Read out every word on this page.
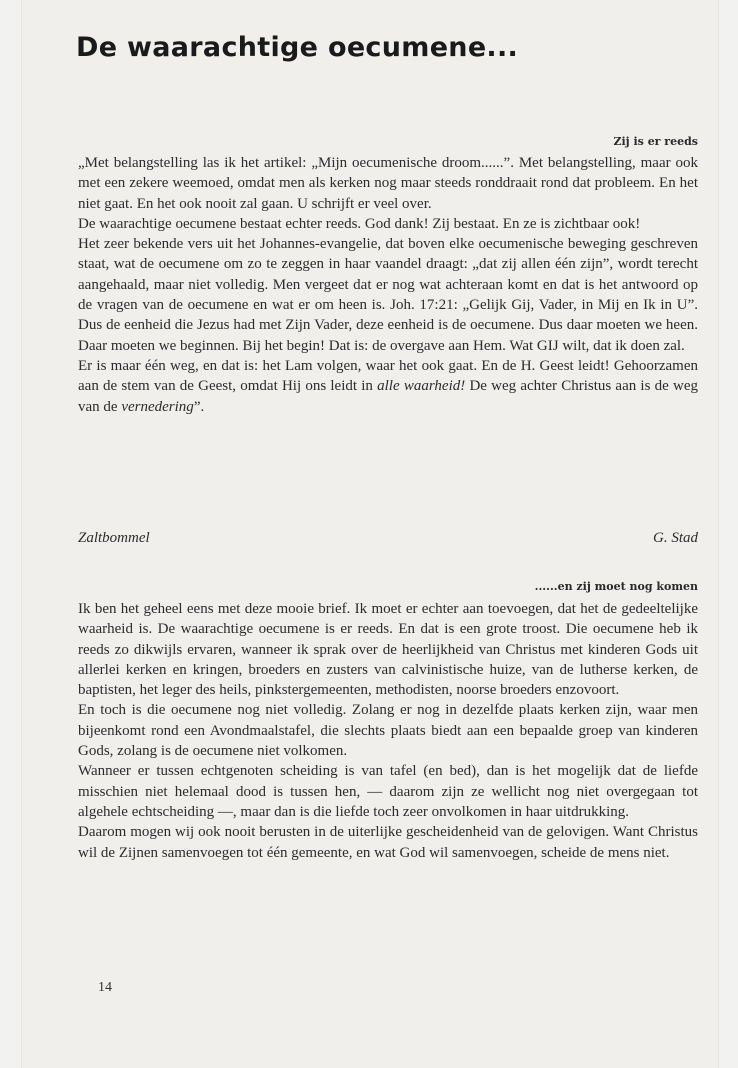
De waarachtige oecumene...
Zij is er reeds

„Met belangstelling las ik het artikel: „Mijn oecumenische droom......”. Met belangstelling, maar ook met een zekere weemoed, omdat men als kerken nog maar steeds ronddraait rond dat probleem. En het niet gaat. En het ook nooit zal gaan. U schrijft er veel over.

De waarachtige oecumene bestaat echter reeds. God dank! Zij bestaat. En ze is zichtbaar ook!

Het zeer bekende vers uit het Johannes-evangelie, dat boven elke oecumenische beweging geschreven staat, wat de oecumene om zo te zeggen in haar vaandel draagt: „dat zij allen één zijn”, wordt terecht aangehaald, maar niet volledig. Men vergeet dat er nog wat achteraan komt en dat is het antwoord op de vragen van de oecumene en wat er om heen is. Joh. 17:21: „Gelijk Gij, Vader, in Mij en Ik in U”. Dus de eenheid die Jezus had met Zijn Vader, deze eenheid is de oecumene. Dus daar moeten we heen. Daar moeten we beginnen. Bij het begin! Dat is: de overgave aan Hem. Wat GIJ wilt, dat ik doen zal.

Er is maar één weg, en dat is: het Lam volgen, waar het ook gaat. En de H. Geest leidt! Gehoorzamen aan de stem van de Geest, omdat Hij ons leidt in alle waarheid! De weg achter Christus aan is de weg van de vernedering”.

Zaltbommel	G. Stad
......en zij moet nog komen

Ik ben het geheel eens met deze mooie brief. Ik moet er echter aan toevoegen, dat het de gedeeltelijke waarheid is. De waarachtige oecumene is er reeds. En dat is een grote troost. Die oecumene heb ik reeds zo dikwijls ervaren, wanneer ik sprak over de heerlijkheid van Christus met kinderen Gods uit allerlei kerken en kringen, broeders en zusters van calvinistische huize, van de lutherse kerken, de baptisten, het leger des heils, pinkstergemeenten, methodisten, noorse broeders enzovoort.

En toch is die oecumene nog niet volledig. Zolang er nog in dezelfde plaats kerken zijn, waar men bijeenkomt rond een Avondmaalstafel, die slechts plaats biedt aan een bepaalde groep van kinderen Gods, zolang is de oecumene niet volkomen.

Wanneer er tussen echtgenoten scheiding is van tafel (en bed), dan is het mogelijk dat de liefde misschien niet helemaal dood is tussen hen, — daarom zijn ze wellicht nog niet overgegaan tot algehele echtscheiding —, maar dan is die liefde toch zeer onvolkomen in haar uitdrukking.

Daarom mogen wij ook nooit berusten in de uiterlijke gescheidenheid van de gelovigen. Want Christus wil de Zijnen samenvoegen tot één gemeente, en wat God wil samenvoegen, scheide de mens niet.

14
